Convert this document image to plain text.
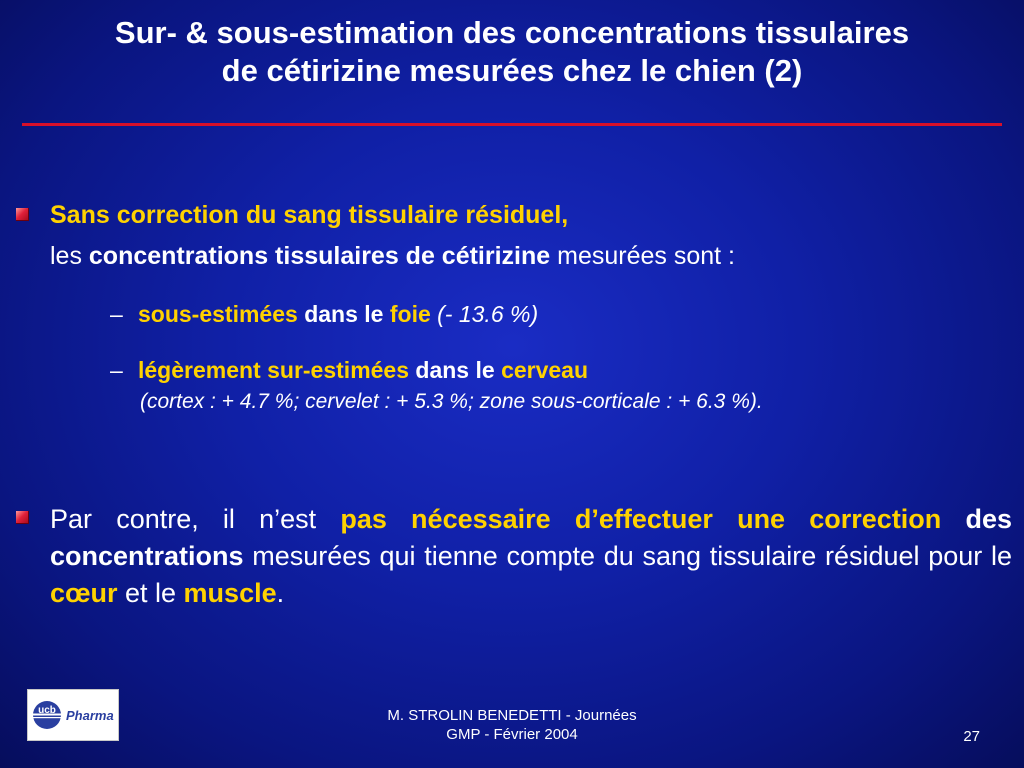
Sur- & sous-estimation des concentrations tissulaires
de cétirizine mesurées chez le chien (2)
Sans correction du sang tissulaire résiduel,
les concentrations tissulaires de cétirizine mesurées sont :
– sous-estimées dans le foie (- 13.6 %)
– légèrement sur-estimées dans le cerveau
(cortex : + 4.7 %; cervelet : + 5.3 %; zone sous-corticale : + 6.3 %).
Par contre, il n’est pas nécessaire d’effectuer une correction des concentrations mesurées qui tienne compte du sang tissulaire résiduel pour le cœur et le muscle.
ucb Pharma	M. STROLIN BENEDETTI - Journées
GMP - Février 2004	27
